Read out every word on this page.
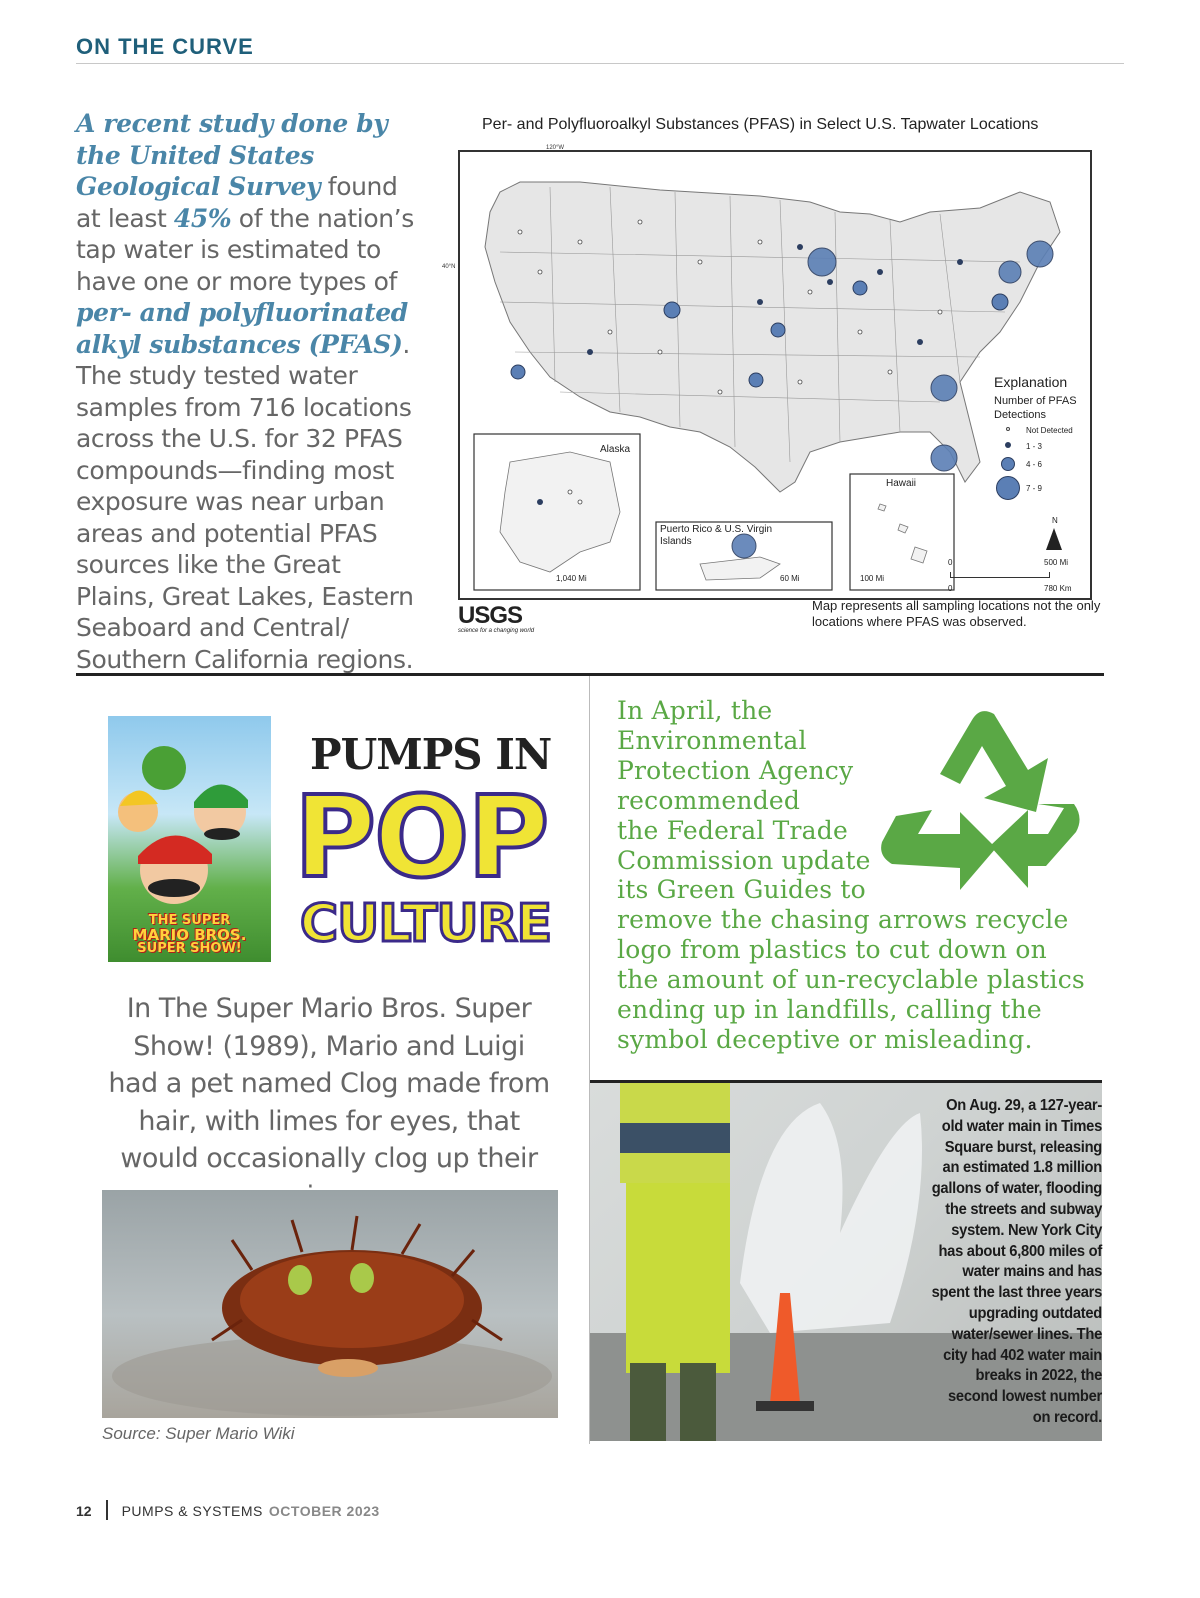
ON THE CURVE
A recent study done by the United States Geological Survey found at least 45% of the nation’s tap water is estimated to have one or more types of per- and polyfluorinated alkyl substances (PFAS). The study tested water samples from 716 locations across the U.S. for 32 PFAS compounds—finding most exposure was near urban areas and potential PFAS sources like the Great Plains, Great Lakes, Eastern Seaboard and Central/ Southern California regions.
Per- and Polyfluoroalkyl Substances (PFAS) in Select U.S. Tapwater Locations
120°W
40°N
Alaska
Puerto Rico & U.S. Virgin Islands
Hawaii
1,040 Mi	60 Mi	100 Mi
0	500 Mi
0	780 Km
N
Explanation
Number of PFAS Detections
Not Detected
1 - 3
4 - 6
7 - 9
USGS
science for a changing world
Map represents all sampling locations not the only locations where PFAS was observed.
THE SUPER
MARIO BROS.
SUPER SHOW!
PUMPS IN
POP
CULTURE
In The Super Mario Bros. Super Show! (1989), Mario and Luigi had a pet named Clog made from hair, with limes for eyes, that would occasionally clog up their
Source: Super Mario Wiki
In April, the
Environmental
Protection Agency
recommended
the Federal Trade
Commission update
its Green Guides to
remove the chasing arrows recycle
logo from plastics to cut down on
the amount of un-recyclable plastics
ending up in landfills, calling the
symbol deceptive or misleading.
On Aug. 29, a 127-year-old water main in Times Square burst, releasing an estimated 1.8 million gallons of water, flooding the streets and subway system. New York City has about 6,800 miles of water mains and has spent the last three years upgrading outdated water/sewer lines. The city had 402 water main breaks in 2022, the second lowest number on record.
12 PUMPS & SYSTEMS OCTOBER 2023
